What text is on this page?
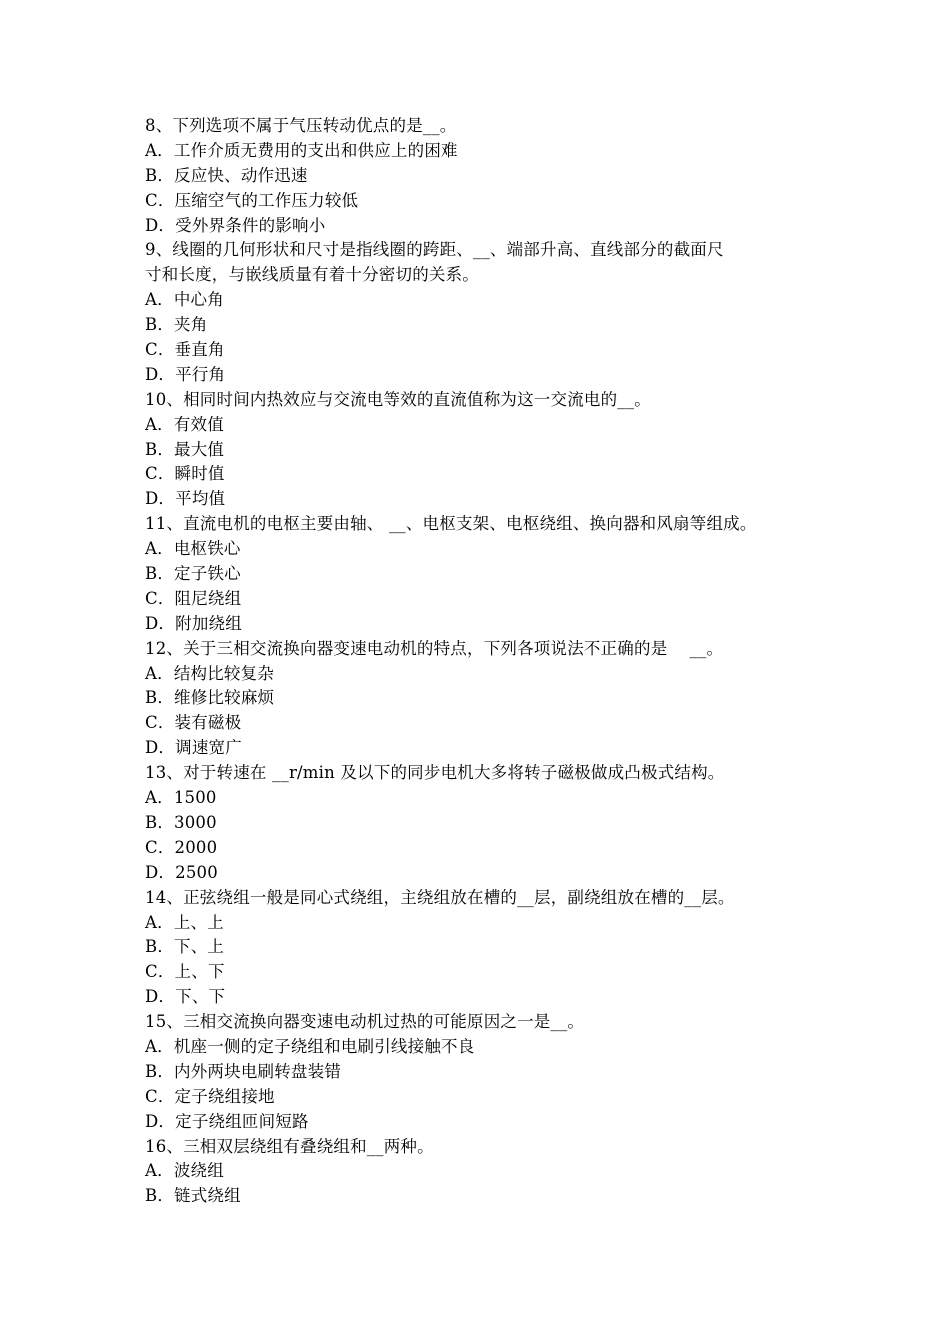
8、下列选项不属于气压转动优点的是__。
A．工作介质无费用的支出和供应上的困难
B．反应快、动作迅速
C．压缩空气的工作压力较低
D．受外界条件的影响小
9、线圈的几何形状和尺寸是指线圈的跨距、__、端部升高、直线部分的截面尺
寸和长度，与嵌线质量有着十分密切的关系。
A．中心角
B．夹角
C．垂直角
D．平行角
10、相同时间内热效应与交流电等效的直流值称为这一交流电的__。
A．有效值
B．最大值
C．瞬时值
D．平均值
11、直流电机的电枢主要由轴、 __、电枢支架、电枢绕组、换向器和风扇等组成。
A．电枢铁心
B．定子铁心
C．阻尼绕组
D．附加绕组
12、关于三相交流换向器变速电动机的特点，下列各项说法不正确的是　 __。
A．结构比较复杂
B．维修比较麻烦
C．装有磁极
D．调速宽广
13、对于转速在 __r/min 及以下的同步电机大多将转子磁极做成凸极式结构。
A．1500
B．3000
C．2000
D．2500
14、正弦绕组一般是同心式绕组，主绕组放在槽的__层，副绕组放在槽的__层。
A．上、上
B．下、上
C．上、下
D．下、下
15、三相交流换向器变速电动机过热的可能原因之一是__。
A．机座一侧的定子绕组和电刷引线接触不良
B．内外两块电刷转盘装错
C．定子绕组接地
D．定子绕组匝间短路
16、三相双层绕组有叠绕组和__两种。
A．波绕组
B．链式绕组
